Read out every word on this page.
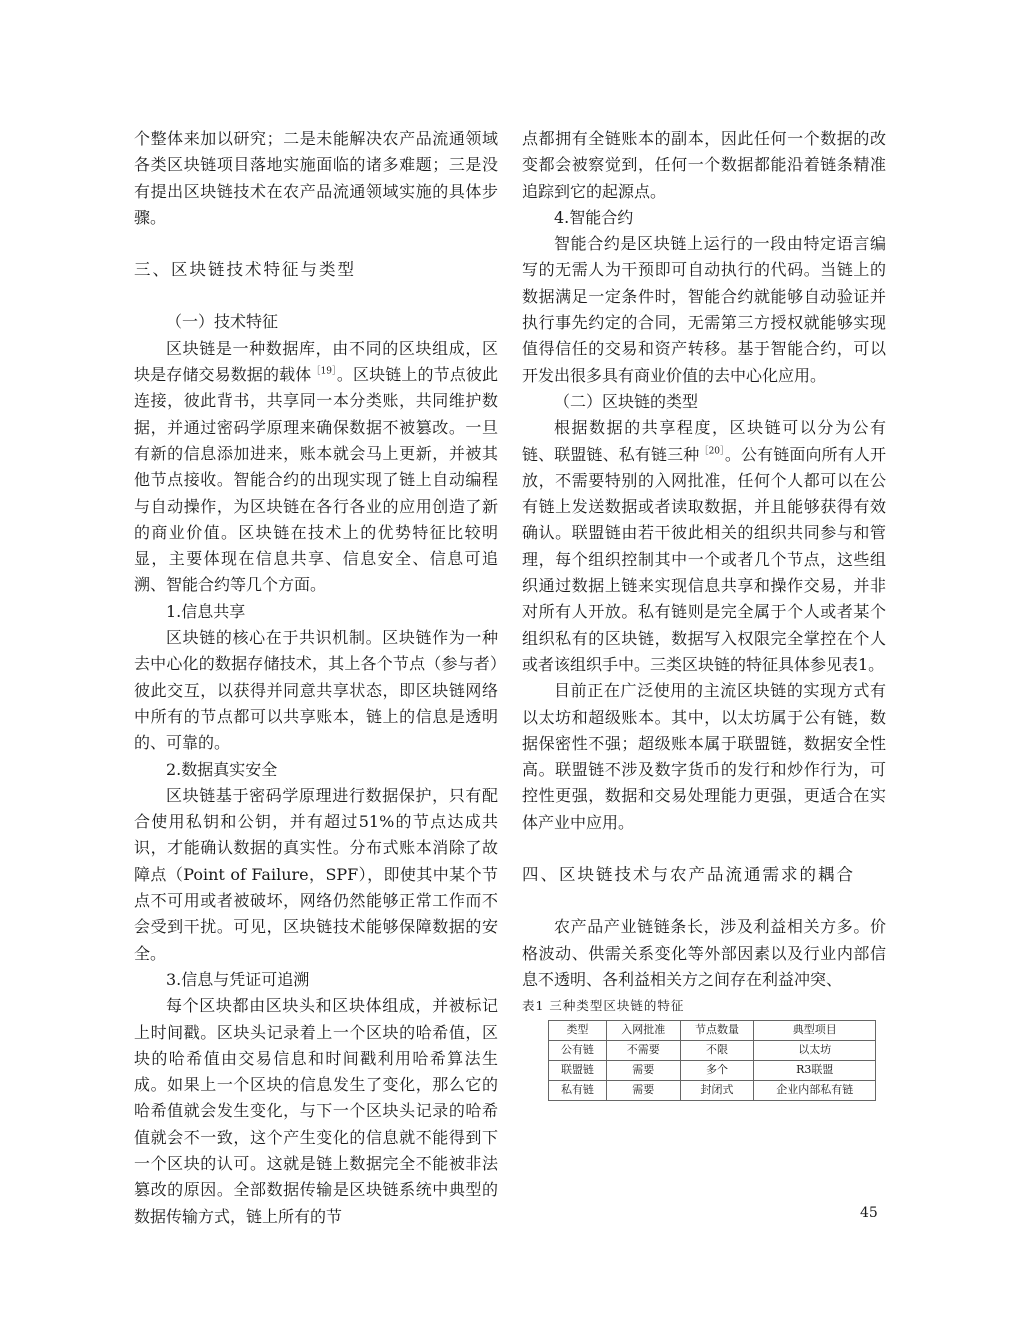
个整体来加以研究；二是未能解决农产品流通领域各类区块链项目落地实施面临的诸多难题；三是没有提出区块链技术在农产品流通领域实施的具体步骤。

三、区块链技术特征与类型

（一）技术特征

区块链是一种数据库，由不同的区块组成，区块是存储交易数据的载体$^{[19]}$。区块链上的节点彼此连接，彼此背书，共享同一本分类账，共同维护数据，并通过密码学原理来确保数据不被篡改。一旦有新的信息添加进来，账本就会马上更新，并被其他节点接收。智能合约的出现实现了链上自动编程与自动操作，为区块链在各行各业的应用创造了新的商业价值。区块链在技术上的优势特征比较明显，主要体现在信息共享、信息安全、信息可追溯、智能合约等几个方面。

1.信息共享

区块链的核心在于共识机制。区块链作为一种去中心化的数据存储技术，其上各个节点（参与者）彼此交互，以获得并同意共享状态，即区块链网络中所有的节点都可以共享账本，链上的信息是透明的、可靠的。

2.数据真实安全

区块链基于密码学原理进行数据保护，只有配合使用私钥和公钥，并有超过51%的节点达成共识，才能确认数据的真实性。分布式账本消除了故障点（Point of Failure，SPF），即使其中某个节点不可用或者被破坏，网络仍然能够正常工作而不会受到干扰。可见，区块链技术能够保障数据的安全。

3.信息与凭证可追溯

每个区块都由区块头和区块体组成，并被标记上时间戳。区块头记录着上一个区块的哈希值，区块的哈希值由交易信息和时间戳利用哈希算法生成。如果上一个区块的信息发生了变化，那么它的哈希值就会发生变化，与下一个区块头记录的哈希值就会不一致，这个产生变化的信息就不能得到下一个区块的认可。这就是链上数据完全不能被非法篡改的原因。全部数据传输是区块链系统中典型的数据传输方式，链上所有的节

点都拥有全链账本的副本，因此任何一个数据的改变都会被察觉到，任何一个数据都能沿着链条精准追踪到它的起源点。

4.智能合约

智能合约是区块链上运行的一段由特定语言编写的无需人为干预即可自动执行的代码。当链上的数据满足一定条件时，智能合约就能够自动验证并执行事先约定的合同，无需第三方授权就能够实现值得信任的交易和资产转移。基于智能合约，可以开发出很多具有商业价值的去中心化应用。

（二）区块链的类型

根据数据的共享程度，区块链可以分为公有链、联盟链、私有链三种$^{[20]}$。公有链面向所有人开放，不需要特别的入网批准，任何个人都可以在公有链上发送数据或者读取数据，并且能够获得有效确认。联盟链由若干彼此相关的组织共同参与和管理，每个组织控制其中一个或者几个节点，这些组织通过数据上链来实现信息共享和操作交易，并非对所有人开放。私有链则是完全属于个人或者某个组织私有的区块链，数据写入权限完全掌控在个人或者该组织手中。三类区块链的特征具体参见表1。

目前正在广泛使用的主流区块链的实现方式有以太坊和超级账本。其中，以太坊属于公有链，数据保密性不强；超级账本属于联盟链，数据安全性高。联盟链不涉及数字货币的发行和炒作行为，可控性更强，数据和交易处理能力更强，更适合在实体产业中应用。

四、区块链技术与农产品流通需求的耦合

农产品产业链链条长，涉及利益相关方多。价格波动、供需关系变化等外部因素以及行业内部信息不透明、各利益相关方之间存在利益冲突、

表1 三种类型区块链的特征

类型	入网批准	节点数量	典型项目
公有链	不需要	不限	以太坊
联盟链	需要	多个	R3联盟
私有链	需要	封闭式	企业内部私有链
45
